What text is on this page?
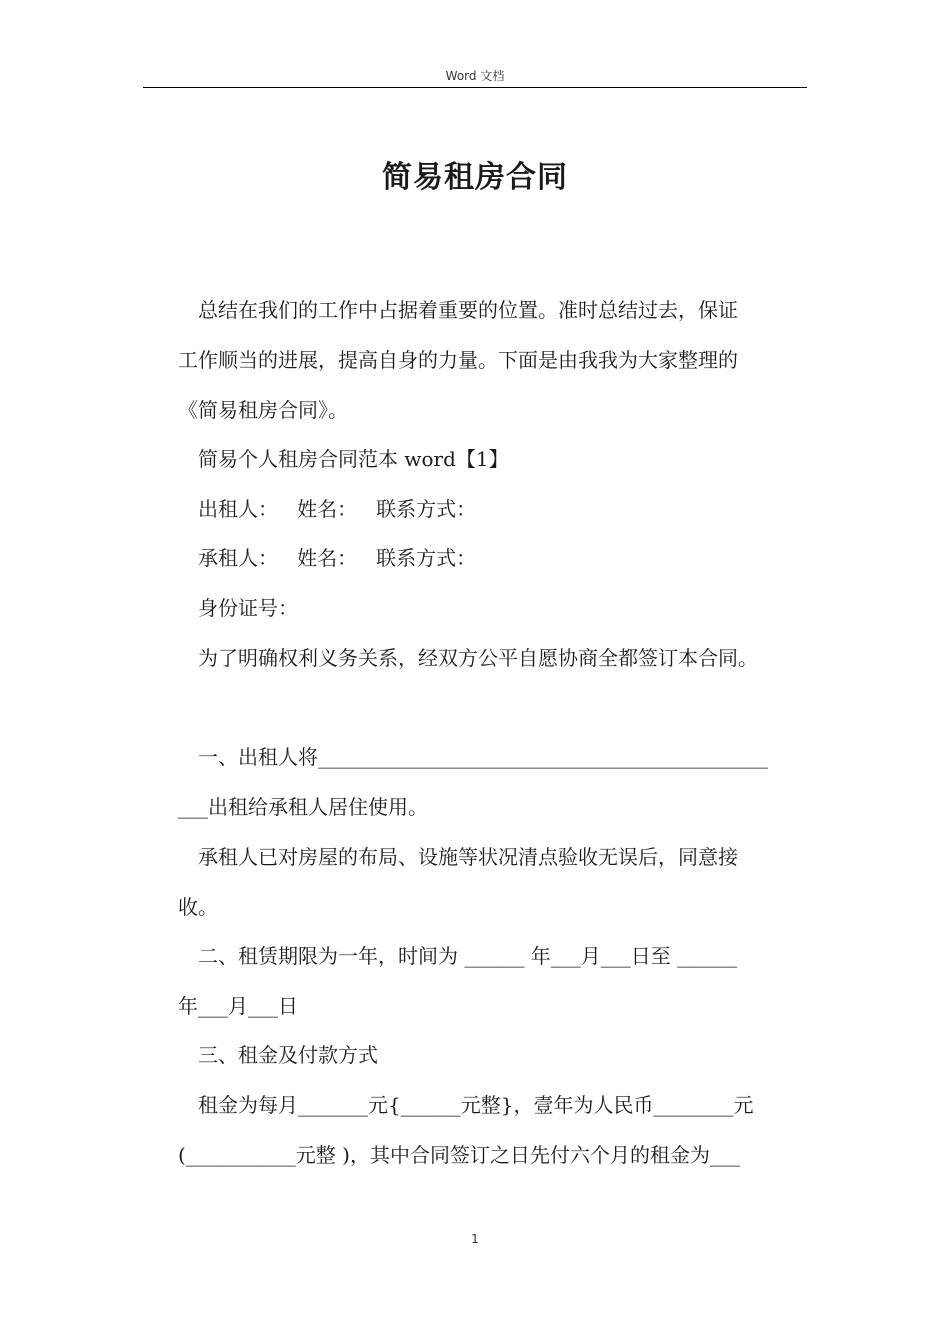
Word 文档
简易租房合同
总结在我们的工作中占据着重要的位置。准时总结过去，保证
工作顺当的进展，提高自身的力量。下面是由我我为大家整理的
《简易租房合同》。
简易个人租房合同范本 word【1】
出租人：   姓名：   联系方式：
承租人：   姓名：   联系方式：
身份证号：
为了明确权利义务关系，经双方公平自愿协商全都签订本合同。
一、出租人将_____________________________________________
___出租给承租人居住使用。
承租人已对房屋的布局、设施等状况清点验收无误后，同意接
收。
二、租赁期限为一年，时间为 ______ 年___月___日至 ______
年___月___日
三、租金及付款方式
租金为每月_______元{______元整}，壹年为人民币________元
(___________元整 )，其中合同签订之日先付六个月的租金为___
1
